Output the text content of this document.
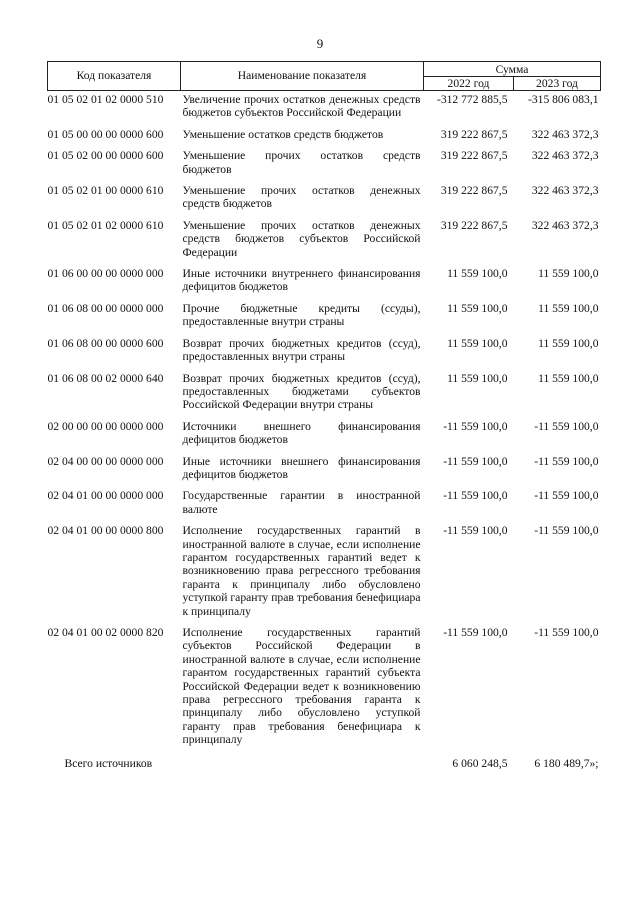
9
Код показателя	Наименование показателя	Сумма	
		2022 год	2023 год
01 05 02 01 02 0000 510	Увеличение прочих остатков денежных средств бюджетов субъектов Российской Федерации	-312 772 885,5	-315 806 083,1
01 05 00 00 00 0000 600	Уменьшение остатков средств бюджетов	319 222 867,5	322 463 372,3
01 05 02 00 00 0000 600	Уменьшение прочих остатков средств бюджетов	319 222 867,5	322 463 372,3
01 05 02 01 00 0000 610	Уменьшение прочих остатков денежных средств бюджетов	319 222 867,5	322 463 372,3
01 05 02 01 02 0000 610	Уменьшение прочих остатков денежных средств бюджетов субъектов Российской Федерации	319 222 867,5	322 463 372,3
01 06 00 00 00 0000 000	Иные источники внутреннего финансирования дефицитов бюджетов	11 559 100,0	11 559 100,0
01 06 08 00 00 0000 000	Прочие бюджетные кредиты (ссуды), предоставленные внутри страны	11 559 100,0	11 559 100,0
01 06 08 00 00 0000 600	Возврат прочих бюджетных кредитов (ссуд), предоставленных внутри страны	11 559 100,0	11 559 100,0
01 06 08 00 02 0000 640	Возврат прочих бюджетных кредитов (ссуд), предоставленных бюджетами субъектов Российской Федерации внутри страны	11 559 100,0	11 559 100,0
02 00 00 00 00 0000 000	Источники внешнего финансирования дефицитов бюджетов	-11 559 100,0	-11 559 100,0
02 04 00 00 00 0000 000	Иные источники внешнего финансирования дефицитов бюджетов	-11 559 100,0	-11 559 100,0
02 04 01 00 00 0000 000	Государственные гарантии в иностранной валюте	-11 559 100,0	-11 559 100,0
02 04 01 00 00 0000 800	Исполнение государственных гарантий в иностранной валюте в случае, если исполнение гарантом государственных гарантий ведет к возникновению права регрессного требования гаранта к принципалу либо обусловлено уступкой гаранту прав требования бенефициара к принципалу	-11 559 100,0	-11 559 100,0
02 04 01 00 02 0000 820	Исполнение государственных гарантий субъектов Российской Федерации в иностранной валюте в случае, если исполнение гарантом государственных гарантий субъекта Российской Федерации ведет к возникновению права регрессного требования гаранта к принципалу либо обусловлено уступкой гаранту прав требования бенефициара к принципалу	-11 559 100,0	-11 559 100,0
Всего источников		6 060 248,5	6 180 489,7»;
